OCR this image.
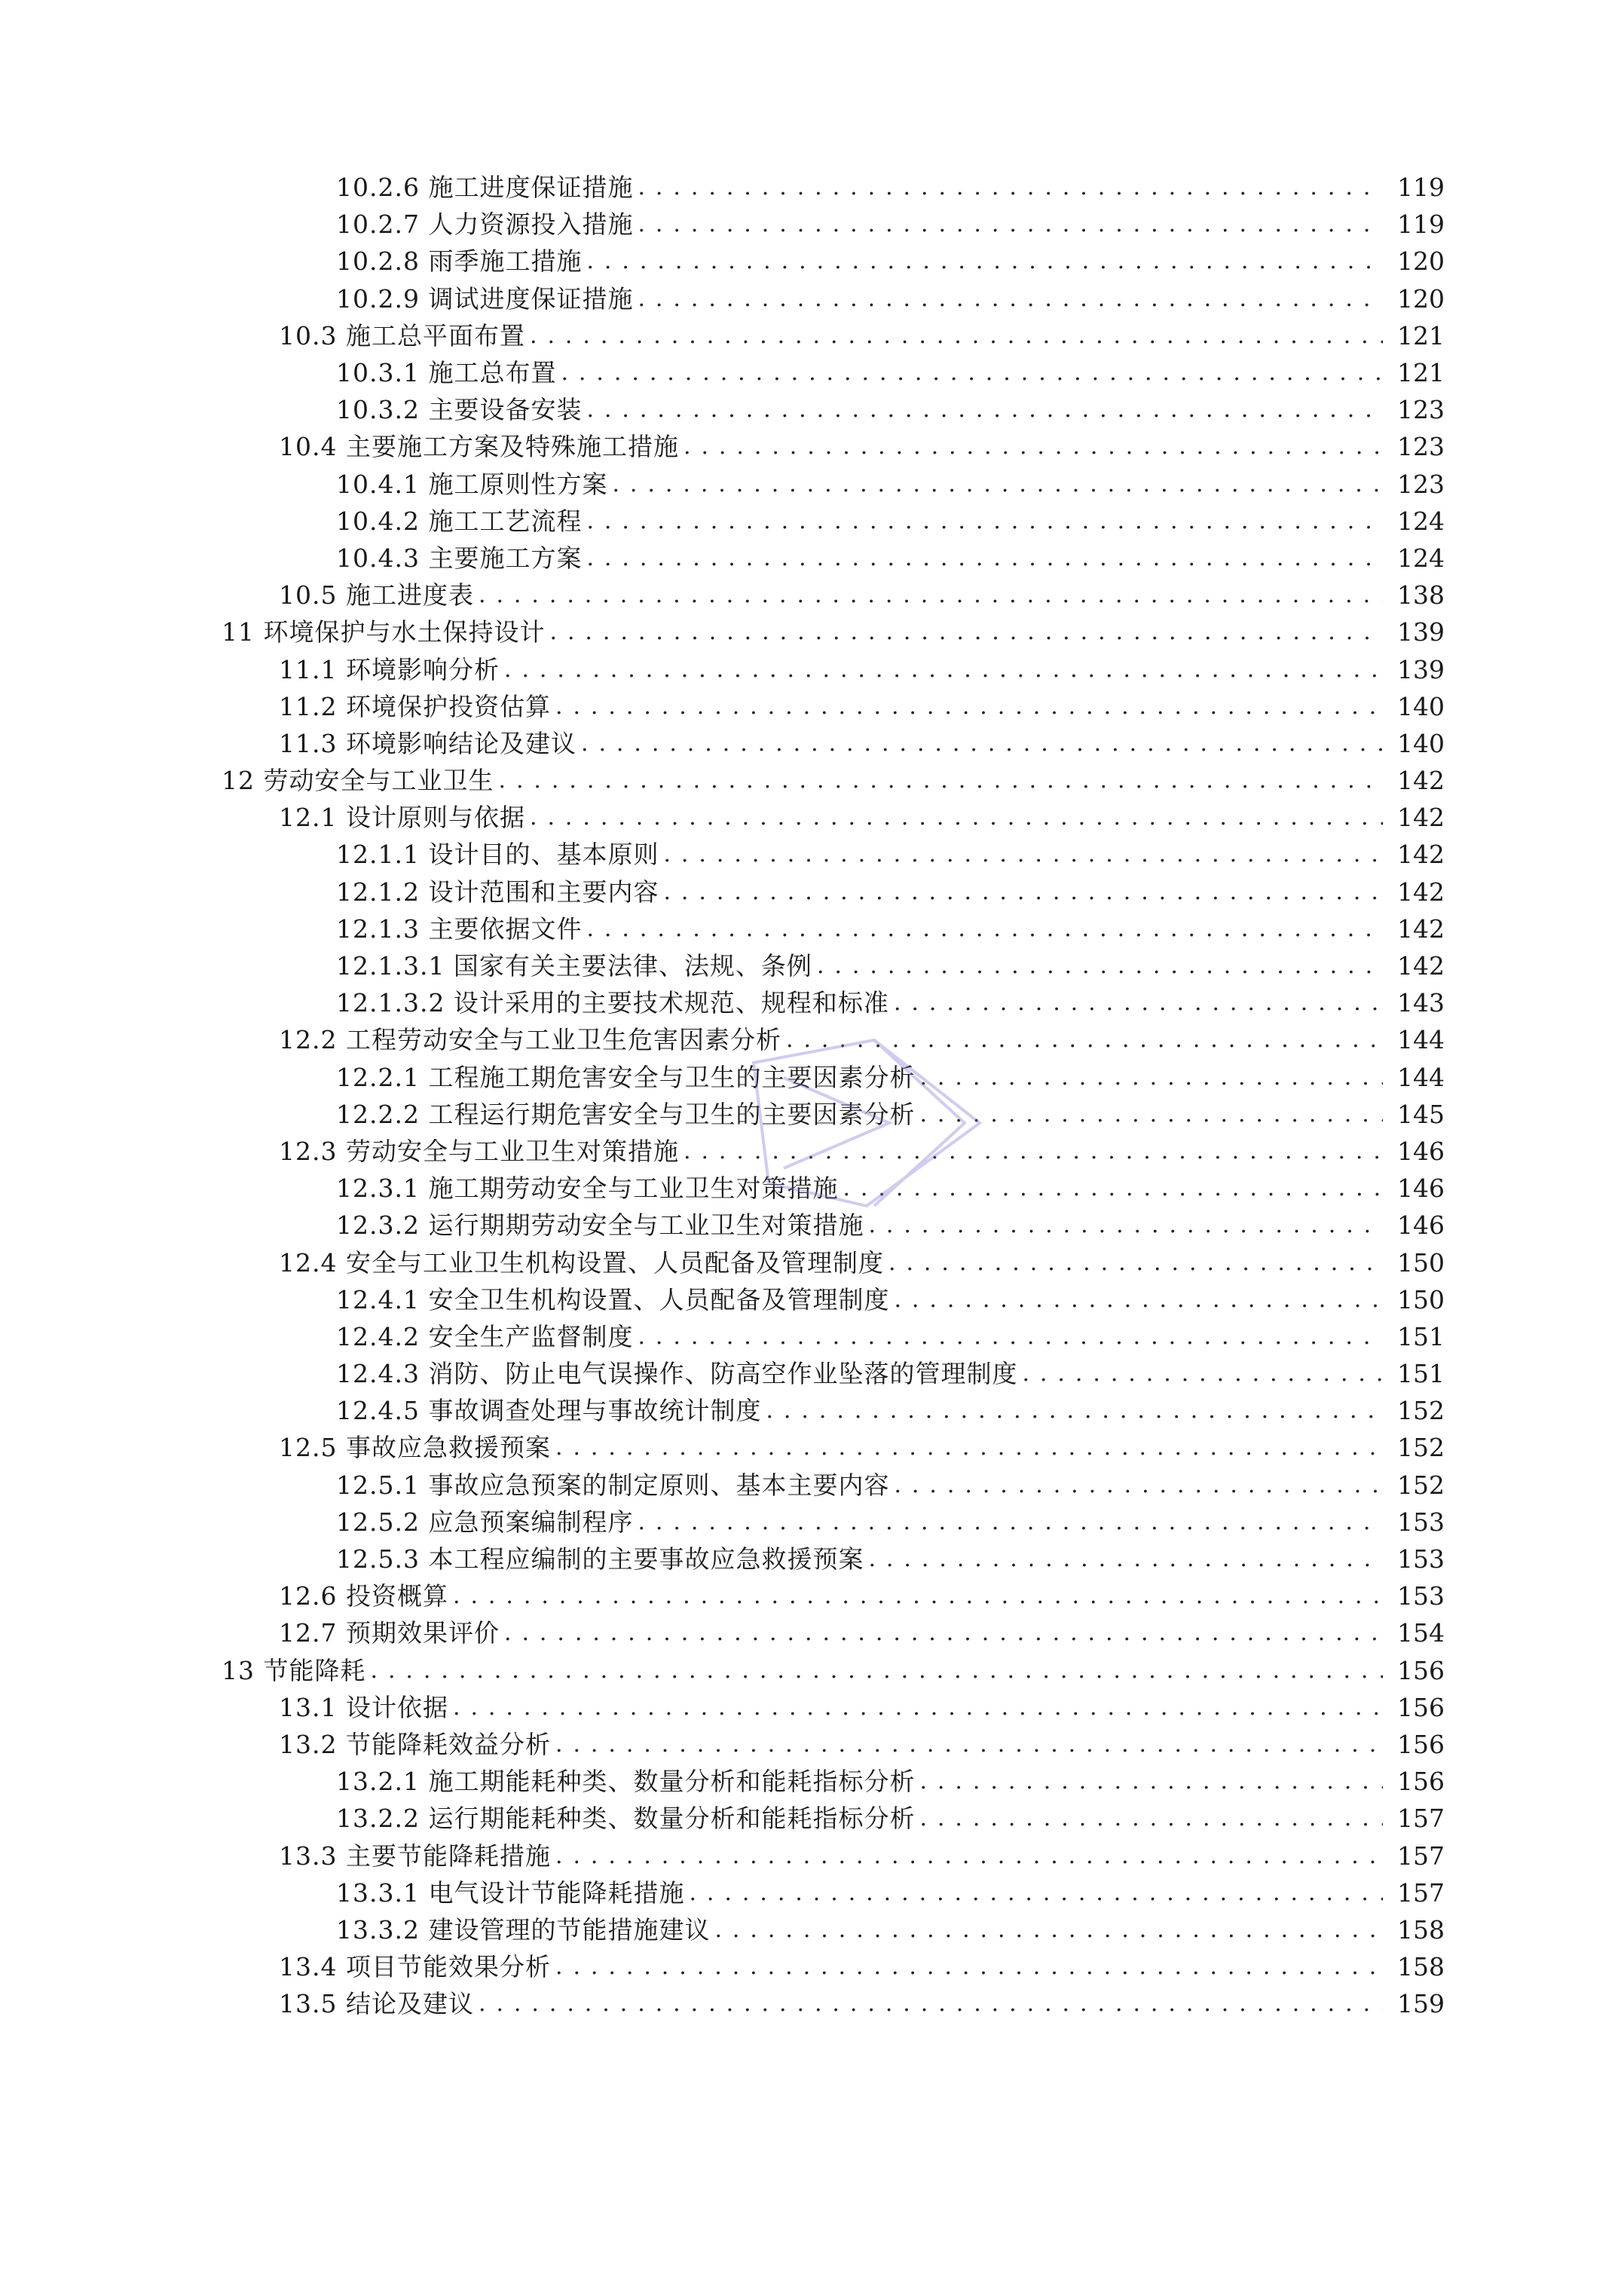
10.2.6 施工进度保证措施 . . .	119
10.2.7 人力资源投入措施 . . .	119
10.2.8 雨季施工措施 . . .	120
10.2.9 调试进度保证措施 . . .	120
10.3 施工总平面布置 . . .	121
10.3.1 施工总布置 . . .	121
10.3.2 主要设备安装 . . .	123
10.4 主要施工方案及特殊施工措施 . . .	123
10.4.1 施工原则性方案 . . .	123
10.4.2 施工工艺流程 . . .	124
10.4.3 主要施工方案 . . .	124
10.5 施工进度表 . . .	138
11 环境保护与水土保持设计 . . .	139
11.1 环境影响分析 . . .	139
11.2 环境保护投资估算 . . .	140
11.3 环境影响结论及建议 . . .	140
12 劳动安全与工业卫生 . . .	142
12.1 设计原则与依据 . . .	142
12.1.1 设计目的、基本原则 . . .	142
12.1.2 设计范围和主要内容 . . .	142
12.1.3 主要依据文件 . . .	142
12.1.3.1 国家有关主要法律、法规、条例 . . .	142
12.1.3.2 设计采用的主要技术规范、规程和标准 . . .	143
12.2 工程劳动安全与工业卫生危害因素分析 . . .	144
12.2.1 工程施工期危害安全与卫生的主要因素分析 . . .	144
12.2.2 工程运行期危害安全与卫生的主要因素分析 . . .	145
12.3 劳动安全与工业卫生对策措施 . . .	146
12.3.1 施工期劳动安全与工业卫生对策措施 . . .	146
12.3.2 运行期期劳动安全与工业卫生对策措施 . . .	146
12.4 安全与工业卫生机构设置、人员配备及管理制度 . . .	150
12.4.1 安全卫生机构设置、人员配备及管理制度 . . .	150
12.4.2 安全生产监督制度 . . .	151
12.4.3 消防、防止电气误操作、防高空作业坠落的管理制度 . . .	151
12.4.5 事故调查处理与事故统计制度 . . .	152
12.5 事故应急救援预案 . . .	152
12.5.1 事故应急预案的制定原则、基本主要内容 . . .	152
12.5.2 应急预案编制程序 . . .	153
12.5.3 本工程应编制的主要事故应急救援预案 . . .	153
12.6 投资概算 . . .	153
12.7 预期效果评价 . . .	154
13 节能降耗 . . .	156
13.1 设计依据 . . .	156
13.2 节能降耗效益分析 . . .	156
13.2.1 施工期能耗种类、数量分析和能耗指标分析 . . .	156
13.2.2 运行期能耗种类、数量分析和能耗指标分析 . . .	157
13.3 主要节能降耗措施 . . .	157
13.3.1 电气设计节能降耗措施 . . .	157
13.3.2 建设管理的节能措施建议 . . .	158
13.4 项目节能效果分析 . . .	158
13.5 结论及建议 . . .	159
